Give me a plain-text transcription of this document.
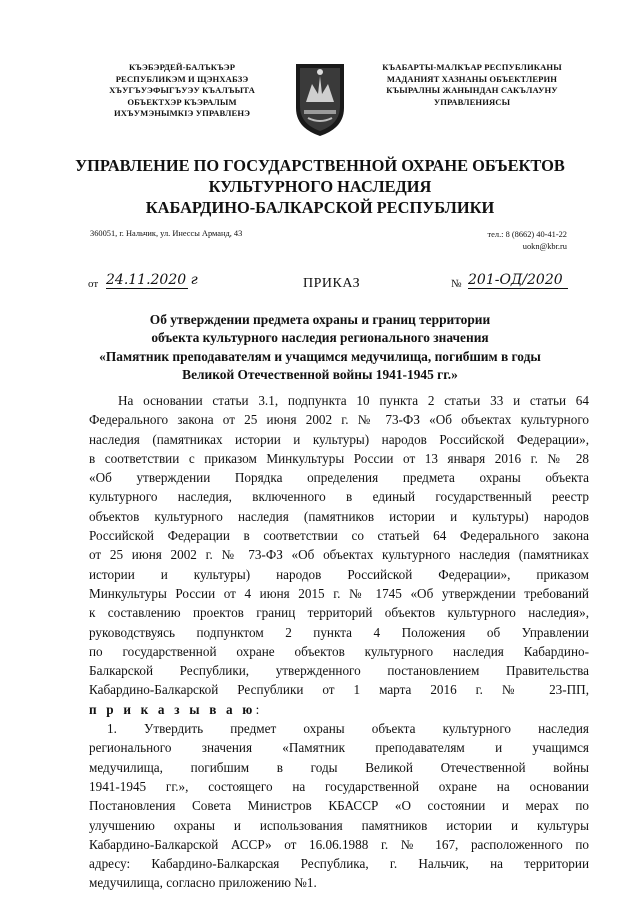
КЪЭБЭРДЕЙ-БАЛЪКЪЭР
РЕСПУБЛИКЭМ И ЩЭНХАБЗЭ
ХЪУГЪУЭФЫГЪУЭУ КЪАЛЪЫТА
ОБЪЕКТХЭР КЪЭРАЛЫМ
ИХЪУМЭНЫМКІЭ УПРАВЛЕНЭ
КЪАБАРТЫ-МАЛКЪАР РЕСПУБЛИКАНЫ
МАДАНИЯТ ХАЗНАНЫ ОБЪЕКТЛЕРИН
КЪЫРАЛНЫ ЖАНЫНДАН САКЪЛАУНУ
УПРАВЛЕНИЯСЫ
УПРАВЛЕНИЕ ПО ГОСУДАРСТВЕННОЙ ОХРАНЕ ОБЪЕКТОВ
КУЛЬТУРНОГО НАСЛЕДИЯ
КАБАРДИНО-БАЛКАРСКОЙ РЕСПУБЛИКИ
360051, г. Нальчик, ул. Инессы Арманд, 43	тел.: 8 (8662) 40-41-22
uokn@kbr.ru
от 24.11.2020 г	ПРИКАЗ	№ 201-ОД/2020
Об утверждении предмета охраны и границ территории
объекта культурного наследия регионального значения
«Памятник преподавателям и учащимся медучилища, погибшим в годы
Великой Отечественной войны 1941-1945 гг.»
На основании статьи 3.1, подпункта 10 пункта 2 статьи 33 и статьи 64
Федерального закона от 25 июня 2002 г. № 73-ФЗ «Об объектах культурного
наследия (памятниках истории и культуры) народов Российской Федерации»,
в соответствии с приказом Минкультуры России от 13 января 2016 г. № 28
«Об утверждении Порядка определения предмета охраны объекта
культурного наследия, включенного в единый государственный реестр
объектов культурного наследия (памятников истории и культуры) народов
Российской Федерации в соответствии со статьей 64 Федерального закона
от 25 июня 2002 г. № 73-ФЗ «Об объектах культурного наследия (памятниках
истории и культуры) народов Российской Федерации», приказом
Минкультуры России от 4 июня 2015 г. № 1745 «Об утверждении требований
к составлению проектов границ территорий объектов культурного наследия»,
руководствуясь подпунктом 2 пункта 4 Положения об Управлении
по государственной охране объектов культурного наследия Кабардино-
Балкарской Республики, утвержденного постановлением Правительства
Кабардино-Балкарской Республики от 1 марта 2016 г. № 23-ПП,
п р и к а з ы в а ю:
1. Утвердить предмет охраны объекта культурного наследия
регионального значения «Памятник преподавателям и учащимся
медучилища, погибшим в годы Великой Отечественной войны
1941-1945 гг.», состоящего на государственной охране на основании
Постановления Совета Министров КБАССР «О состоянии и мерах по
улучшению охраны и использования памятников истории и культуры
Кабардино-Балкарской АССР» от 16.06.1988 г. № 167, расположенного по
адресу: Кабардино-Балкарская Республика, г. Нальчик, на территории
медучилища, согласно приложению №1.
